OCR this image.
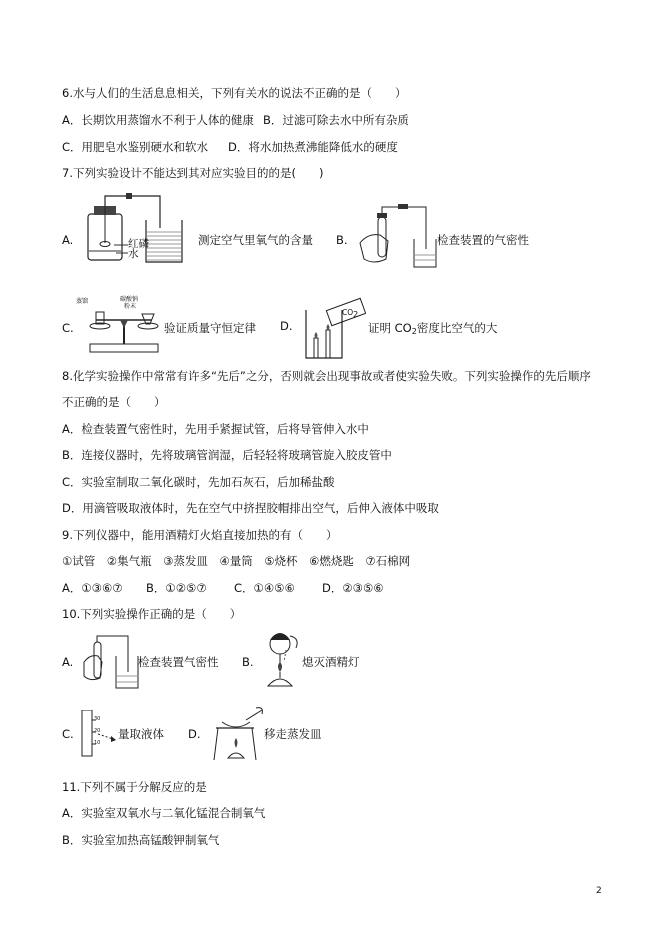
6.水与人们的生活息息相关，下列有关水的说法不正确的是（　　）
A．长期饮用蒸馏水不利于人体的健康 B．过滤可除去水中所有杂质
C．用肥皂水鉴别硬水和软水 D．将水加热煮沸能降低水的硬度
7.下列实验设计不能达到其对应实验目的的是(　　)
A.	红磷
水
测定空气里氧气的含量 B.	检查装置的气密性
C.
蒸馏	碳酸钠
粉末
验证质量守恒定律 D.
$CO_2$
证明 $CO_2$密度比空气的大
8.化学实验操作中常常有许多“先后”之分，否则就会出现事故或者使实验失败。下列实验操作的先后顺序
不正确的是（　　）
A．检查装置气密性时，先用手紧握试管，后将导管伸入水中
B．连接仪器时，先将玻璃管润湿，后轻轻将玻璃管旋入胶皮管中
C．实验室制取二氧化碳时，先加石灰石，后加稀盐酸
D．用滴管吸取液体时，先在空气中挤捏胶帽排出空气，后伸入液体中吸取
9.下列仪器中，能用酒精灯火焰直接加热的有（　　）
①试管　②集气瓶　③蒸发皿　④量筒　⑤烧杯　⑥燃烧匙　⑦石棉网
A．①③⑥⑦ B．①②⑤⑦ C．①④⑤⑥ D．②③⑤⑥
10.下列实验操作正确的是（　　）
A.	检查装置气密性 B.	熄灭酒精灯
C.
30
20
10
量取液体 D.	移走蒸发皿
11.下列不属于分解反应的是
A．实验室双氧水与二氧化锰混合制氧气
B．实验室加热高锰酸钾制氧气
2
